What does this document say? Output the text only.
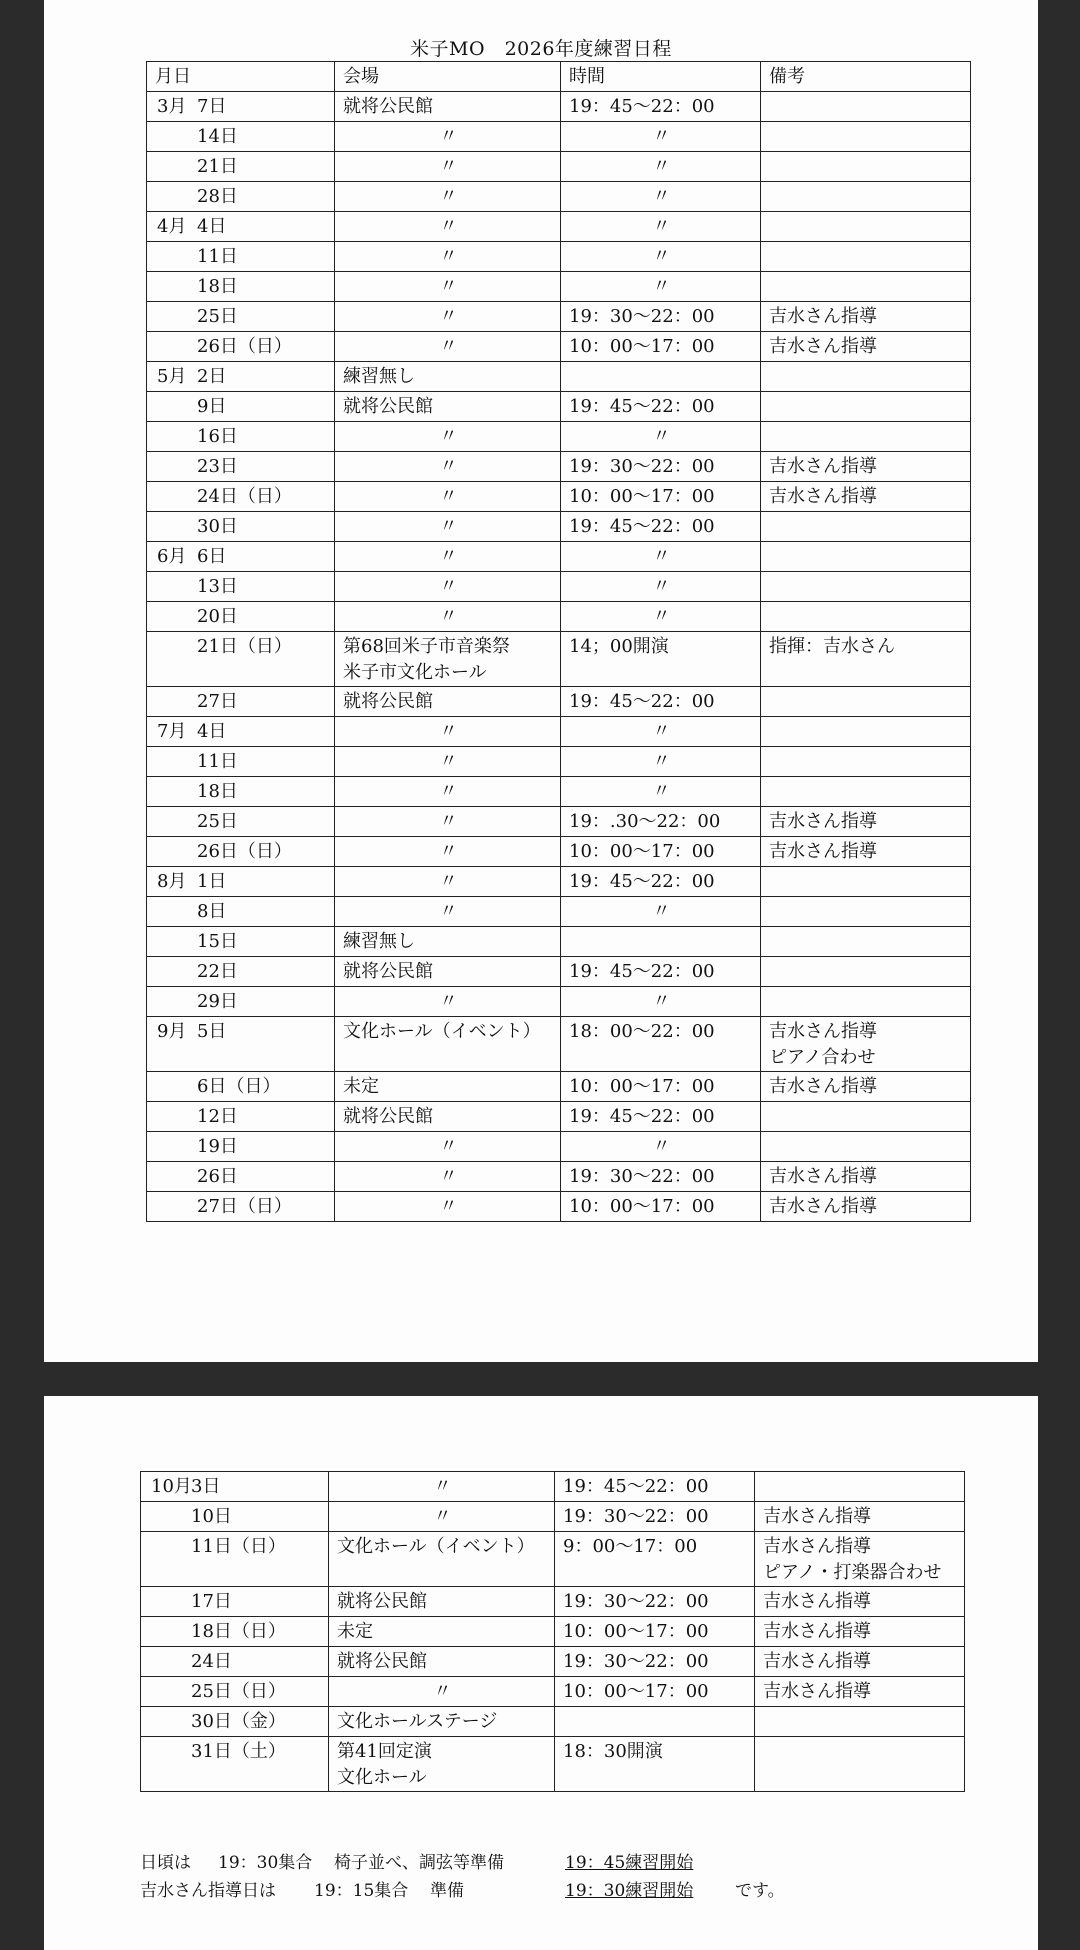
米子MO　2026年度練習日程
月日	会場	時間	備考
3月 7日	就将公民館	19：45〜22：00	

14日	〃	〃	

21日	〃	〃	

28日	〃	〃	

4月 4日	〃	〃	

11日	〃	〃	

18日	〃	〃	

25日	〃	19：30〜22：00	吉水さん指導

26日（日）	〃	10：00〜17：00	吉水さん指導

5月 2日	練習無し		

9日	就将公民館	19：45〜22：00	

16日	〃	〃	

23日	〃	19：30〜22：00	吉水さん指導

24日（日）	〃	10：00〜17：00	吉水さん指導

30日	〃	19：45〜22：00	

6月 6日	〃	〃	

13日	〃	〃	

20日	〃	〃	

21日（日）	第68回米子市音楽祭
米子市文化ホール	14；00開演	指揮：吉水さん

27日	就将公民館	19：45〜22：00	

7月 4日	〃	〃	

11日	〃	〃	

18日	〃	〃	

25日	〃	19：.30〜22：00	吉水さん指導

26日（日）	〃	10：00〜17：00	吉水さん指導

8月 1日	〃	19：45〜22：00	

8日	〃	〃	

15日	練習無し		

22日	就将公民館	19：45〜22：00	

29日	〃	〃	

9月 5日	文化ホール（イベント）	18：00〜22：00	吉水さん指導
ピアノ合わせ

6日（日）	未定	10：00〜17：00	吉水さん指導

12日	就将公民館	19：45〜22：00	

19日	〃	〃	

26日	〃	19：30〜22：00	吉水さん指導

27日（日）	〃	10：00〜17：00	吉水さん指導
10月3日	〃	19：45〜22：00	

10日	〃	19：30〜22：00	吉水さん指導

11日（日）	文化ホール（イベント）	9：00〜17：00	吉水さん指導
ピアノ・打楽器合わせ

17日	就将公民館	19：30〜22：00	吉水さん指導

18日（日）	未定	10：00〜17：00	吉水さん指導

24日	就将公民館	19：30〜22：00	吉水さん指導

25日（日）	〃	10：00〜17：00	吉水さん指導

30日（金）	文化ホールステージ		

31日（土）	第41回定演
文化ホール	18：30開演	
日頃は 19：30集合 椅子並べ、調弦等準備	19：45練習開始
吉水さん指導日は 19：15集合 準備	19：30練習開始 です。
